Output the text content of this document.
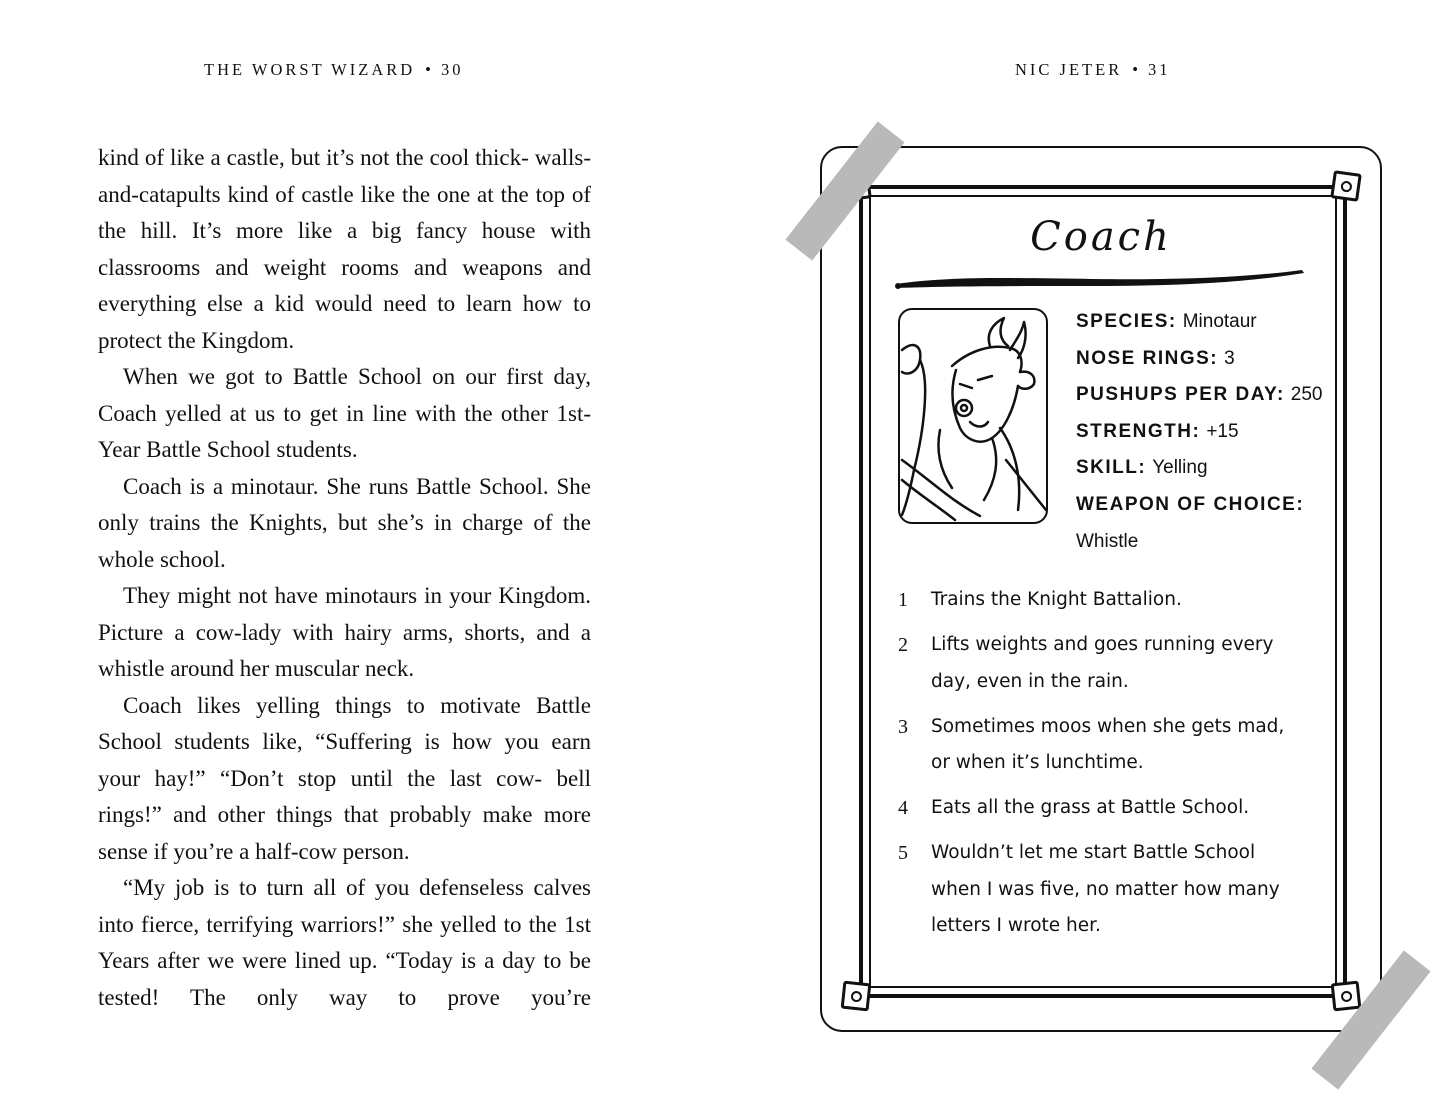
THE WORST WIZARD • 30

kind of like a castle, but it’s not the cool thick- walls-and-catapults kind of castle like the one at the top of the hill. It’s more like a big fancy house with classrooms and weight rooms and weapons and everything else a kid would need to learn how to protect the Kingdom.

When we got to Battle School on our first day, Coach yelled at us to get in line with the other 1st-Year Battle School students.

Coach is a minotaur. She runs Battle School. She only trains the Knights, but she’s in charge of the whole school.

They might not have minotaurs in your Kingdom. Picture a cow-lady with hairy arms, shorts, and a whistle around her muscular neck.

Coach likes yelling things to motivate Battle School students like, “Suffering is how you earn your hay!” “Don’t stop until the last cow- bell rings!” and other things that probably make more sense if you’re a half-cow person.

“My job is to turn all of you defenseless calves into fierce, terrifying warriors!” she yelled to the 1st Years after we were lined up. “Today is a day to be tested! The only way to prove you’re

NIC JETER • 31
Coach
SPECIES: Minotaur
NOSE RINGS: 3
PUSHUPS PER DAY: 250
STRENGTH: +15
SKILL: Yelling
WEAPON OF CHOICE:
Whistle
1 Trains the Knight Battalion.
2 Lifts weights and goes running every
day, even in the rain.
3 Sometimes moos when she gets mad,
or when it’s lunchtime.
4 Eats all the grass at Battle School.
5 Wouldn’t let me start Battle School
when I was five, no matter how many
letters I wrote her.
